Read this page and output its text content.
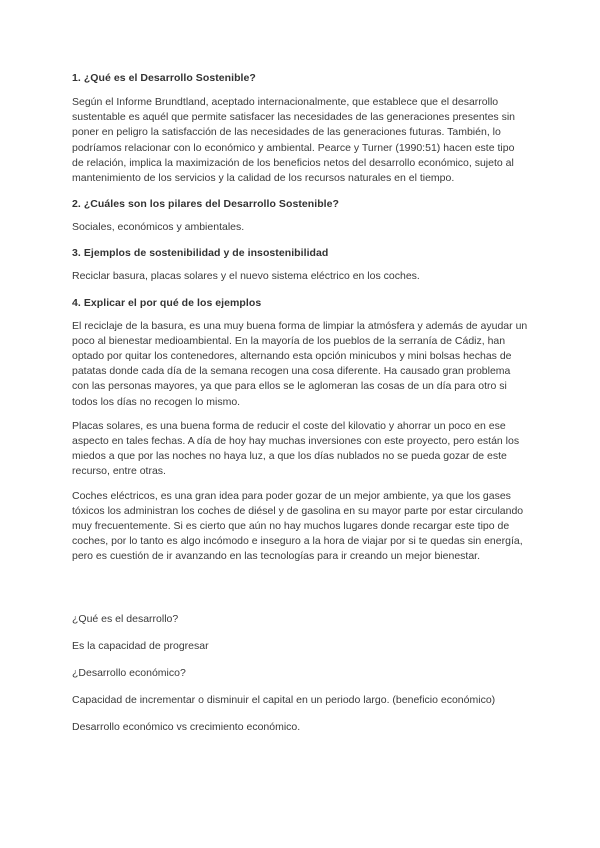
1. ¿Qué es el Desarrollo Sostenible?

Según el Informe Brundtland, aceptado internacionalmente, que establece que el desarrollo sustentable es aquél que permite satisfacer las necesidades de las generaciones presentes sin poner en peligro la satisfacción de las necesidades de las generaciones futuras. También, lo podríamos relacionar con lo económico y ambiental. Pearce y Turner (1990:51) hacen este tipo de relación, implica la maximización de los beneficios netos del desarrollo económico, sujeto al mantenimiento de los servicios y la calidad de los recursos naturales en el tiempo.

2. ¿Cuáles son los pilares del Desarrollo Sostenible?

Sociales, económicos y ambientales.

3. Ejemplos de sostenibilidad y de insostenibilidad

Reciclar basura, placas solares y el nuevo sistema eléctrico en los coches.

4. Explicar el por qué de los ejemplos

El reciclaje de la basura, es una muy buena forma de limpiar la atmósfera y además de ayudar un poco al bienestar medioambiental. En la mayoría de los pueblos de la serranía de Cádiz, han optado por quitar los contenedores, alternando esta opción minicubos y mini bolsas hechas de patatas donde cada día de la semana recogen una cosa diferente. Ha causado gran problema con las personas mayores, ya que para ellos se le aglomeran las cosas de un día para otro si todos los días no recogen lo mismo.

Placas solares, es una buena forma de reducir el coste del kilovatio y ahorrar un poco en ese aspecto en tales fechas. A día de hoy hay muchas inversiones con este proyecto, pero están los miedos a que por las noches no haya luz, a que los días nublados no se pueda gozar de este recurso, entre otras.

Coches eléctricos, es una gran idea para poder gozar de un mejor ambiente, ya que los gases tóxicos los administran los coches de diésel y de gasolina en su mayor parte por estar circulando muy frecuentemente. Si es cierto que aún no hay muchos lugares donde recargar este tipo de coches, por lo tanto es algo incómodo e inseguro a la hora de viajar por si te quedas sin energía, pero es cuestión de ir avanzando en las tecnologías para ir creando un mejor bienestar.

¿Qué es el desarrollo?

Es la capacidad de progresar

¿Desarrollo económico?

Capacidad de incrementar o disminuir el capital en un periodo largo. (beneficio económico)

Desarrollo económico vs crecimiento económico.
